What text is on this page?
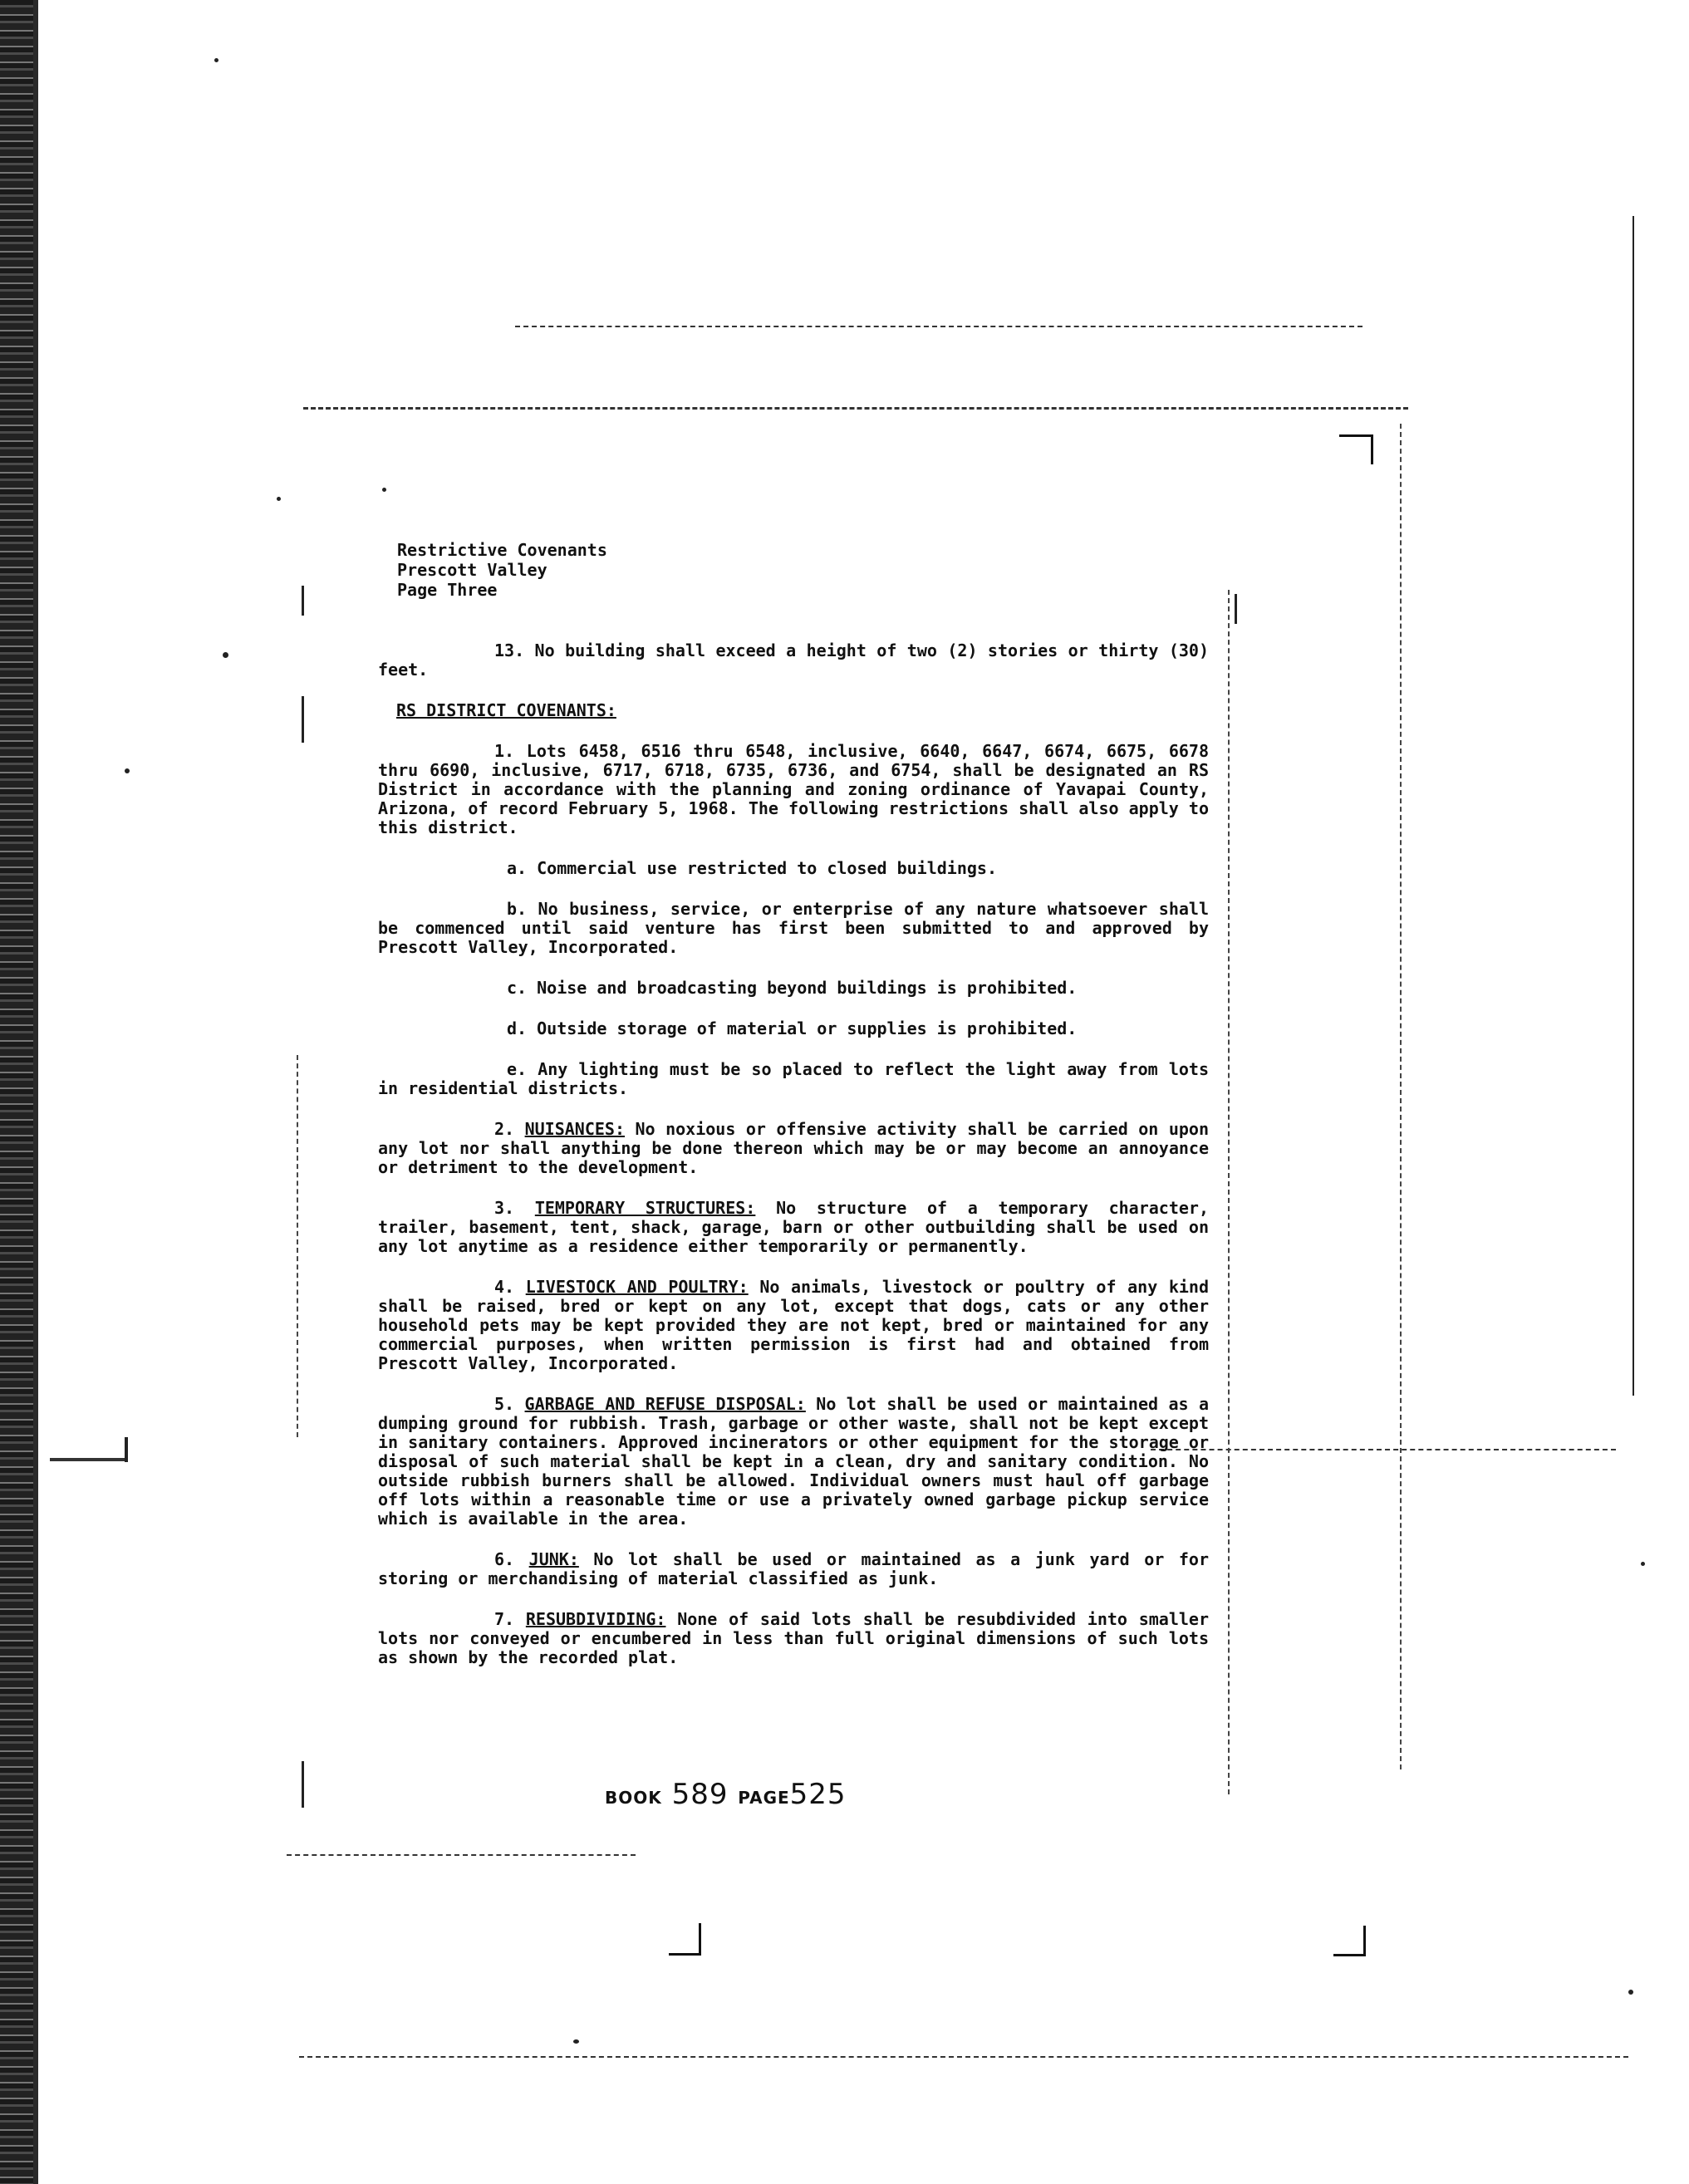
Restrictive Covenants
Prescott Valley
Page Three

13. No building shall exceed a height of two (2) stories or thirty (30) feet.

RS DISTRICT COVENANTS:

1. Lots 6458, 6516 thru 6548, inclusive, 6640, 6647, 6674, 6675, 6678 thru 6690, inclusive, 6717, 6718, 6735, 6736, and 6754, shall be designated an RS District in accordance with the planning and zoning ordinance of Yavapai County, Arizona, of record February 5, 1968. The following restrictions shall also apply to this district.

a. Commercial use restricted to closed buildings.

b. No business, service, or enterprise of any nature whatsoever shall be commenced until said venture has first been submitted to and approved by Prescott Valley, Incorporated.

c. Noise and broadcasting beyond buildings is prohibited.

d. Outside storage of material or supplies is prohibited.

e. Any lighting must be so placed to reflect the light away from lots in residential districts.

2. NUISANCES: No noxious or offensive activity shall be carried on upon any lot nor shall anything be done thereon which may be or may become an annoyance or detriment to the development.

3. TEMPORARY STRUCTURES: No structure of a temporary character, trailer, basement, tent, shack, garage, barn or other outbuilding shall be used on any lot anytime as a residence either temporarily or permanently.

4. LIVESTOCK AND POULTRY: No animals, livestock or poultry of any kind shall be raised, bred or kept on any lot, except that dogs, cats or any other household pets may be kept provided they are not kept, bred or maintained for any commercial purposes, when written permission is first had and obtained from Prescott Valley, Incorporated.

5. GARBAGE AND REFUSE DISPOSAL: No lot shall be used or maintained as a dumping ground for rubbish. Trash, garbage or other waste, shall not be kept except in sanitary containers. Approved incinerators or other equipment for the storage or disposal of such material shall be kept in a clean, dry and sanitary condition. No outside rubbish burners shall be allowed. Individual owners must haul off garbage off lots within a reasonable time or use a privately owned garbage pickup service which is available in the area.

6. JUNK: No lot shall be used or maintained as a junk yard or for storing or merchandising of material classified as junk.

7. RESUBDIVIDING: None of said lots shall be resubdivided into smaller lots nor conveyed or encumbered in less than full original dimensions of such lots as shown by the recorded plat.

BOOK 589 PAGE525
